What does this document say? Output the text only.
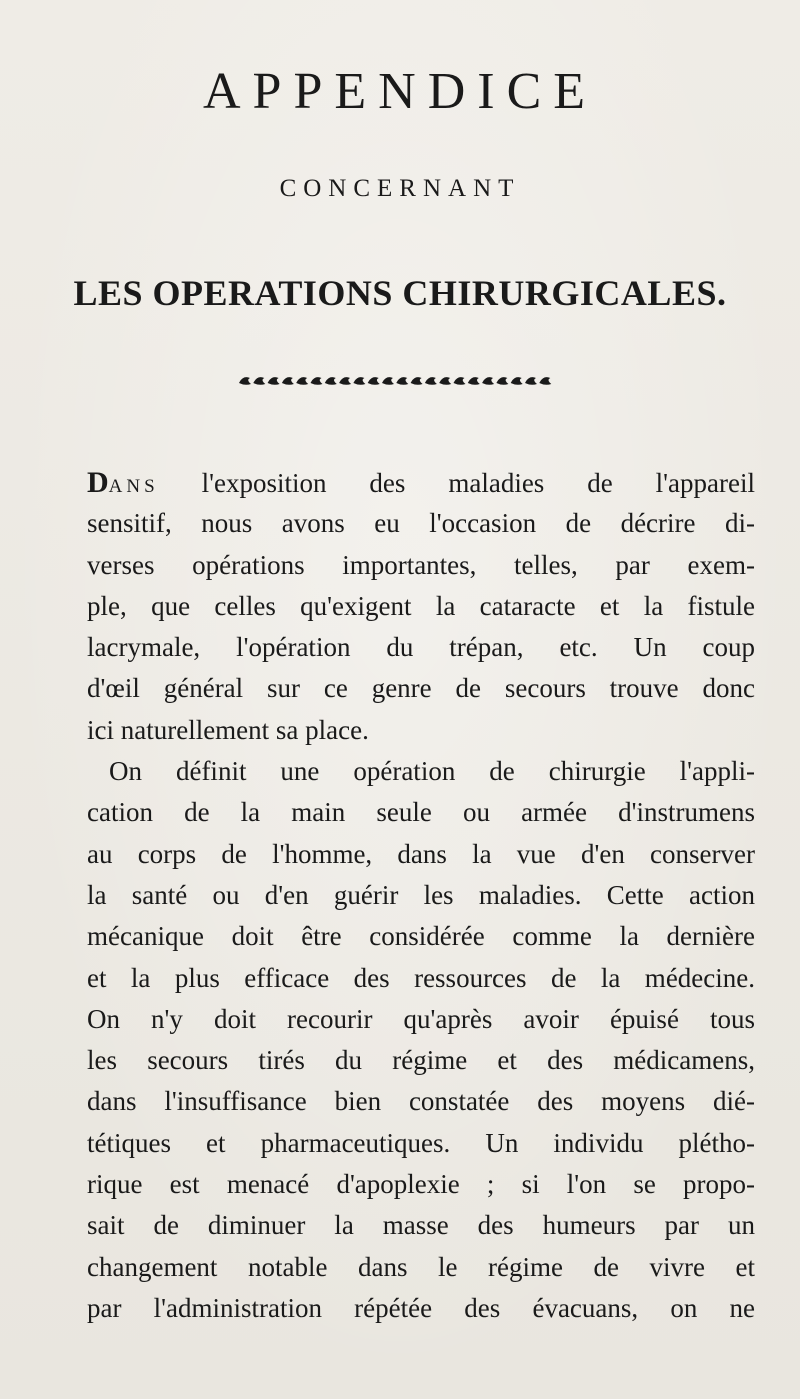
APPENDICE
CONCERNANT
LES OPERATIONS CHIRURGICALES.
DANS l'exposition des maladies de l'appareil
sensitif, nous avons eu l'occasion de décrire di-
verses opérations importantes, telles, par exem-
ple, que celles qu'exigent la cataracte et la fistule
lacrymale, l'opération du trépan, etc. Un coup
d'œil général sur ce genre de secours trouve donc
ici naturellement sa place.
On définit une opération de chirurgie l'appli-
cation de la main seule ou armée d'instrumens
au corps de l'homme, dans la vue d'en conserver
la santé ou d'en guérir les maladies. Cette action
mécanique doit être considérée comme la dernière
et la plus efficace des ressources de la médecine.
On n'y doit recourir qu'après avoir épuisé tous
les secours tirés du régime et des médicamens,
dans l'insuffisance bien constatée des moyens dié-
tétiques et pharmaceutiques. Un individu plétho-
rique est menacé d'apoplexie ; si l'on se propo-
sait de diminuer la masse des humeurs par un
changement notable dans le régime de vivre et
par l'administration répétée des évacuans, on ne
